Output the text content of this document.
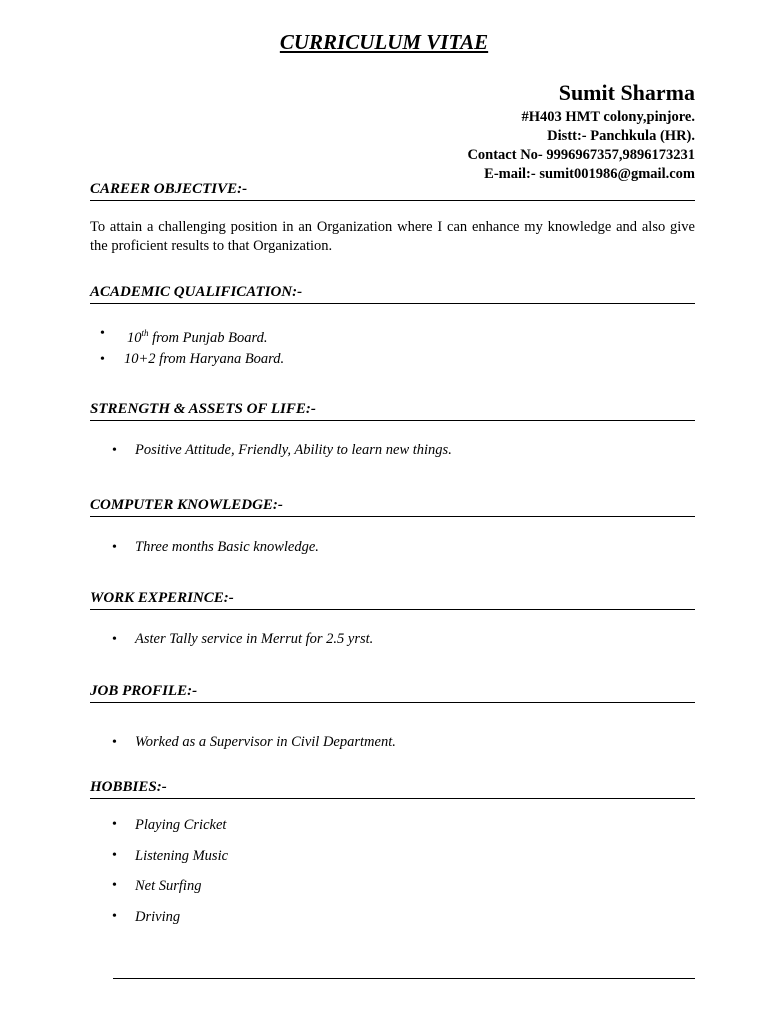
CURRICULUM VITAE
Sumit Sharma
#H403 HMT colony,pinjore.
Distt:- Panchkula (HR).
Contact No- 9996967357,9896173231
E-mail:- sumit001986@gmail.com
CAREER OBJECTIVE:-
To attain a challenging position in an Organization where I can enhance my knowledge and also give the proficient results to that Organization.
ACADEMIC QUALIFICATION:-
• 10th from Punjab Board.
• 10+2 from Haryana Board.
STRENGTH & ASSETS OF LIFE:-
• Positive Attitude, Friendly, Ability to learn new things.
COMPUTER KNOWLEDGE:-
• Three months Basic knowledge.
WORK EXPERINCE:-
• Aster Tally service in Merrut for 2.5 yrst.
JOB PROFILE:-
• Worked as a Supervisor in Civil Department.
HOBBIES:-
• Playing Cricket
• Listening Music
• Net Surfing
• Driving
